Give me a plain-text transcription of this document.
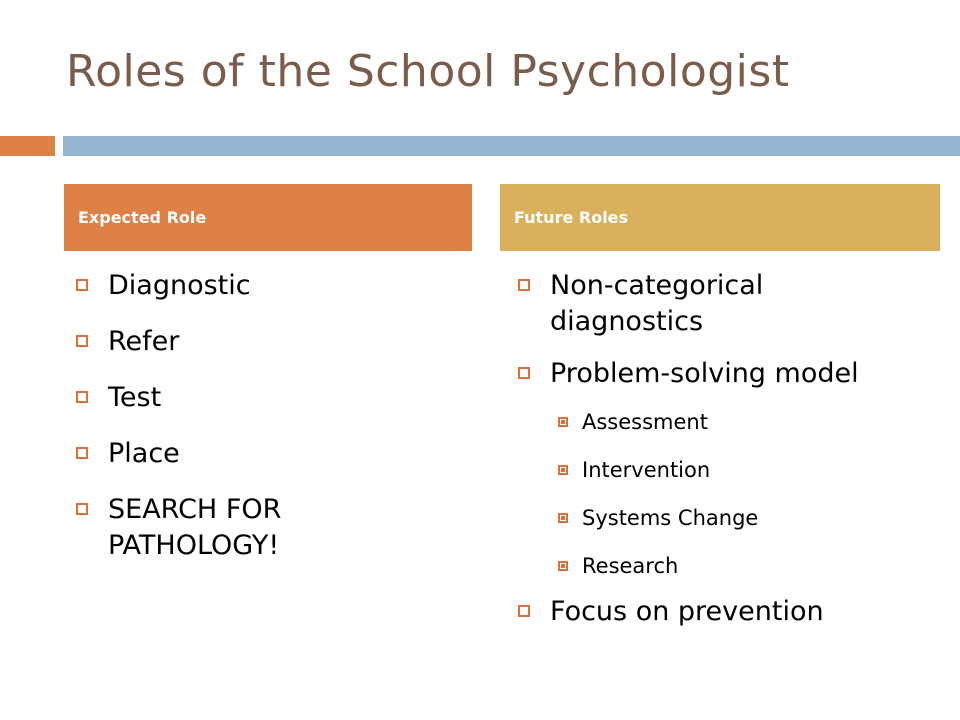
Roles of the School Psychologist
Expected Role	Future Roles
Diagnostic
Refer
Test
Place
SEARCH FOR PATHOLOGY!
Non-categorical diagnostics
Problem-solving model
Assessment
Intervention
Systems Change
Research
Focus on prevention
